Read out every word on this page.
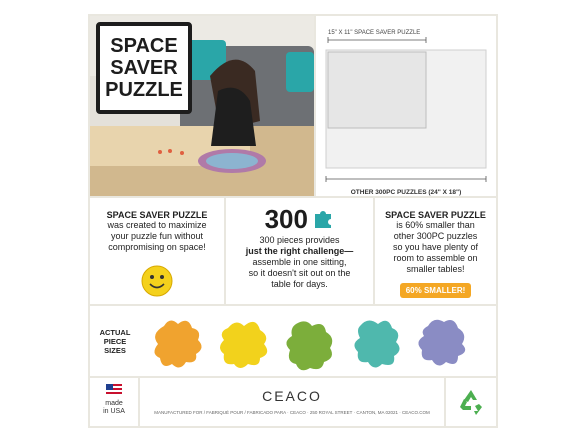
SPACE
SAVER
PUZZLE
15" X 11" SPACE SAVER PUZZLE
OTHER 300PC PUZZLES (24" X 18")
SPACE SAVER PUZZLE
was created to maximize
your puzzle fun without
compromising on space!
300
300 pieces provides
just the right challenge—
assemble in one sitting,
so it doesn't sit out on the
table for days.
SPACE SAVER PUZZLE
is 60% smaller than
other 300PC puzzles
so you have plenty of
room to assemble on
smaller tables!
60% SMALLER!
ACTUAL
PIECE
SIZES
made
in USA
CEACO
MANUFACTURED FOR / FABRIQUÉ POUR / FABRICADO PARA · CEACO · 250 ROYAL STREET · CANTON, MA 02021 · CEACO.COM
